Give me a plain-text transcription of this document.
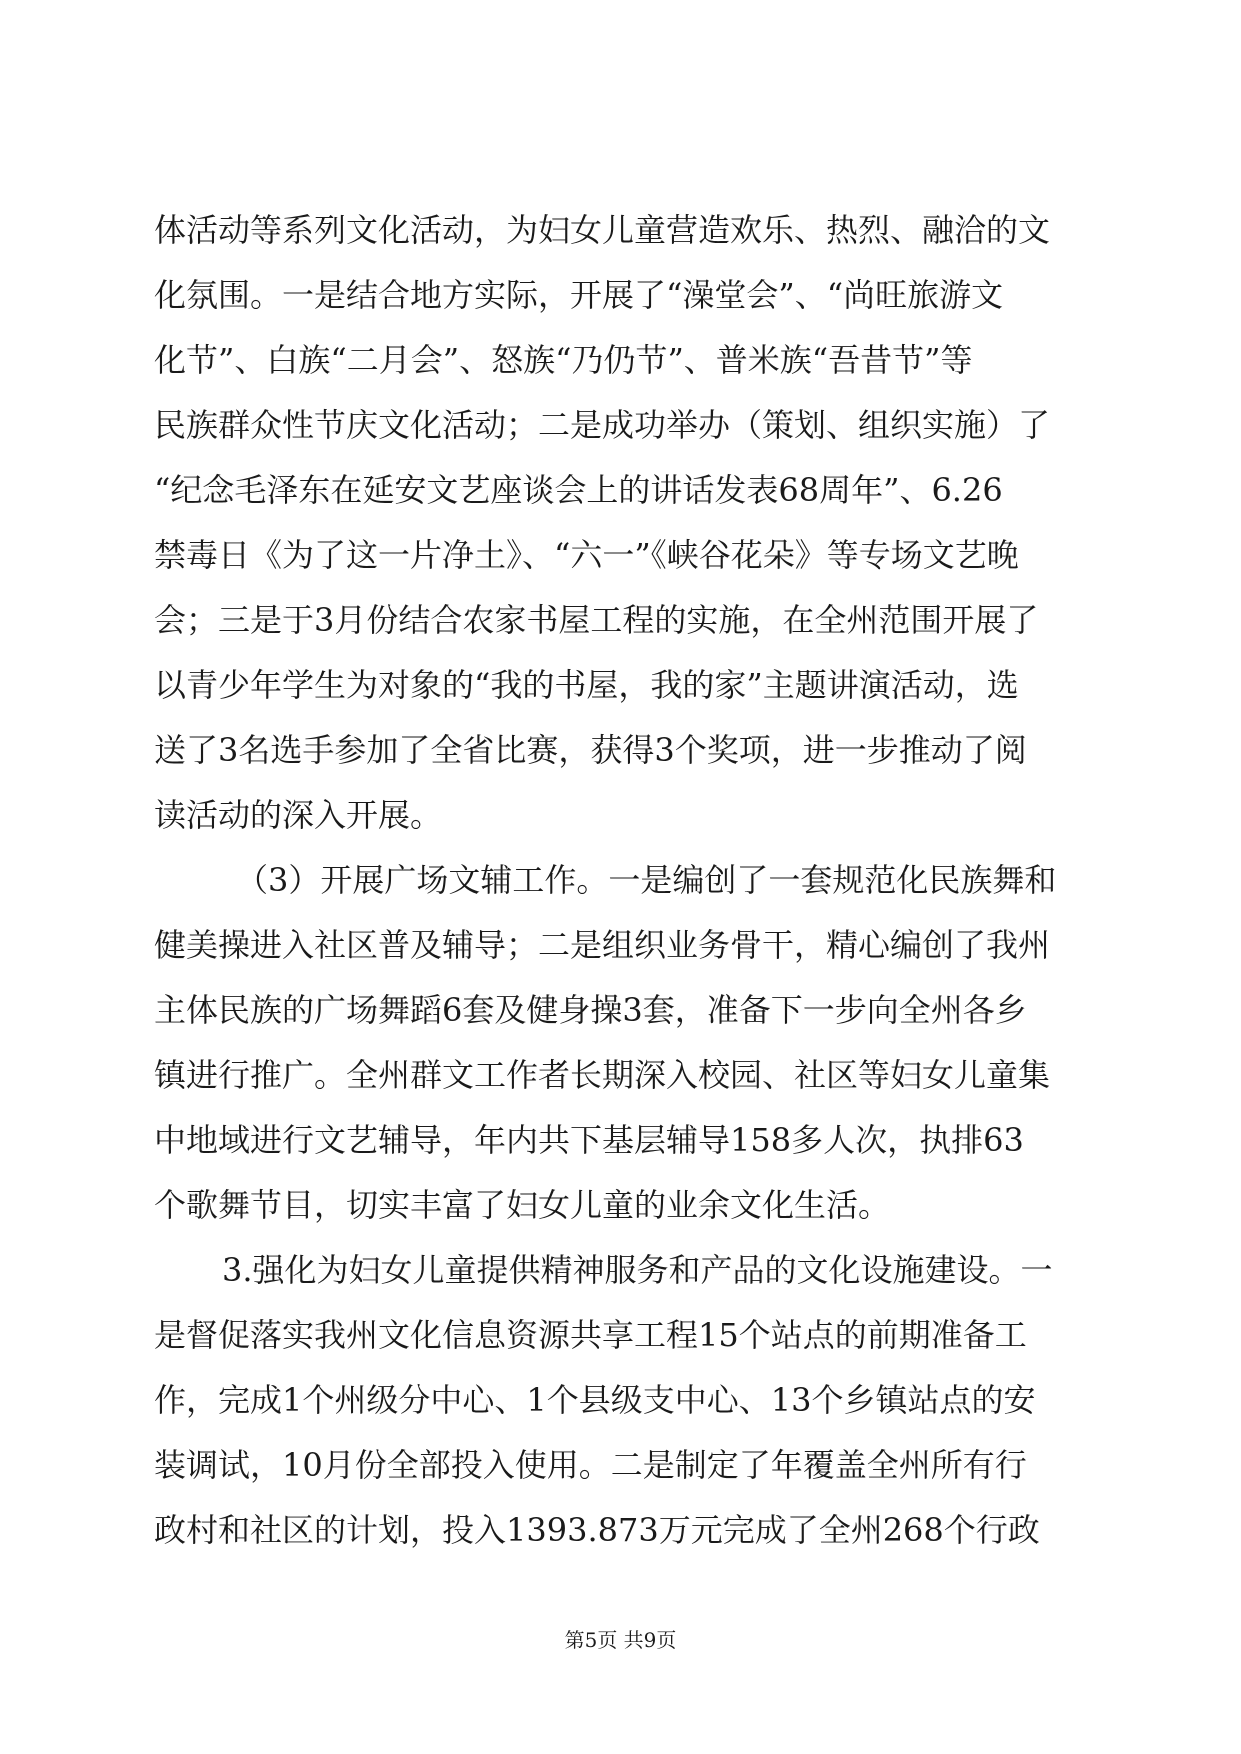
体活动等系列文化活动，为妇女儿童营造欢乐、热烈、融洽的文
化氛围。一是结合地方实际，开展了“澡堂会”、“尚旺旅游文
化节”、白族“二月会”、怒族“乃仍节”、普米族“吾昔节”等
民族群众性节庆文化活动；二是成功举办（策划、组织实施）了
“纪念毛泽东在延安文艺座谈会上的讲话发表68周年”、6.26
禁毒日《为了这一片净土》、“六一”《峡谷花朵》等专场文艺晚
会；三是于3月份结合农家书屋工程的实施，在全州范围开展了
以青少年学生为对象的“我的书屋，我的家”主题讲演活动，选
送了3名选手参加了全省比赛，获得3个奖项，进一步推动了阅
读活动的深入开展。
（3）开展广场文辅工作。一是编创了一套规范化民族舞和
健美操进入社区普及辅导；二是组织业务骨干，精心编创了我州
主体民族的广场舞蹈6套及健身操3套，准备下一步向全州各乡
镇进行推广。全州群文工作者长期深入校园、社区等妇女儿童集
中地域进行文艺辅导，年内共下基层辅导158多人次，执排63
个歌舞节目，切实丰富了妇女儿童的业余文化生活。
3.强化为妇女儿童提供精神服务和产品的文化设施建设。一
是督促落实我州文化信息资源共享工程15个站点的前期准备工
作，完成1个州级分中心、1个县级支中心、13个乡镇站点的安
装调试，10月份全部投入使用。二是制定了年覆盖全州所有行
政村和社区的计划，投入1393.873万元完成了全州268个行政
第5页 共9页
